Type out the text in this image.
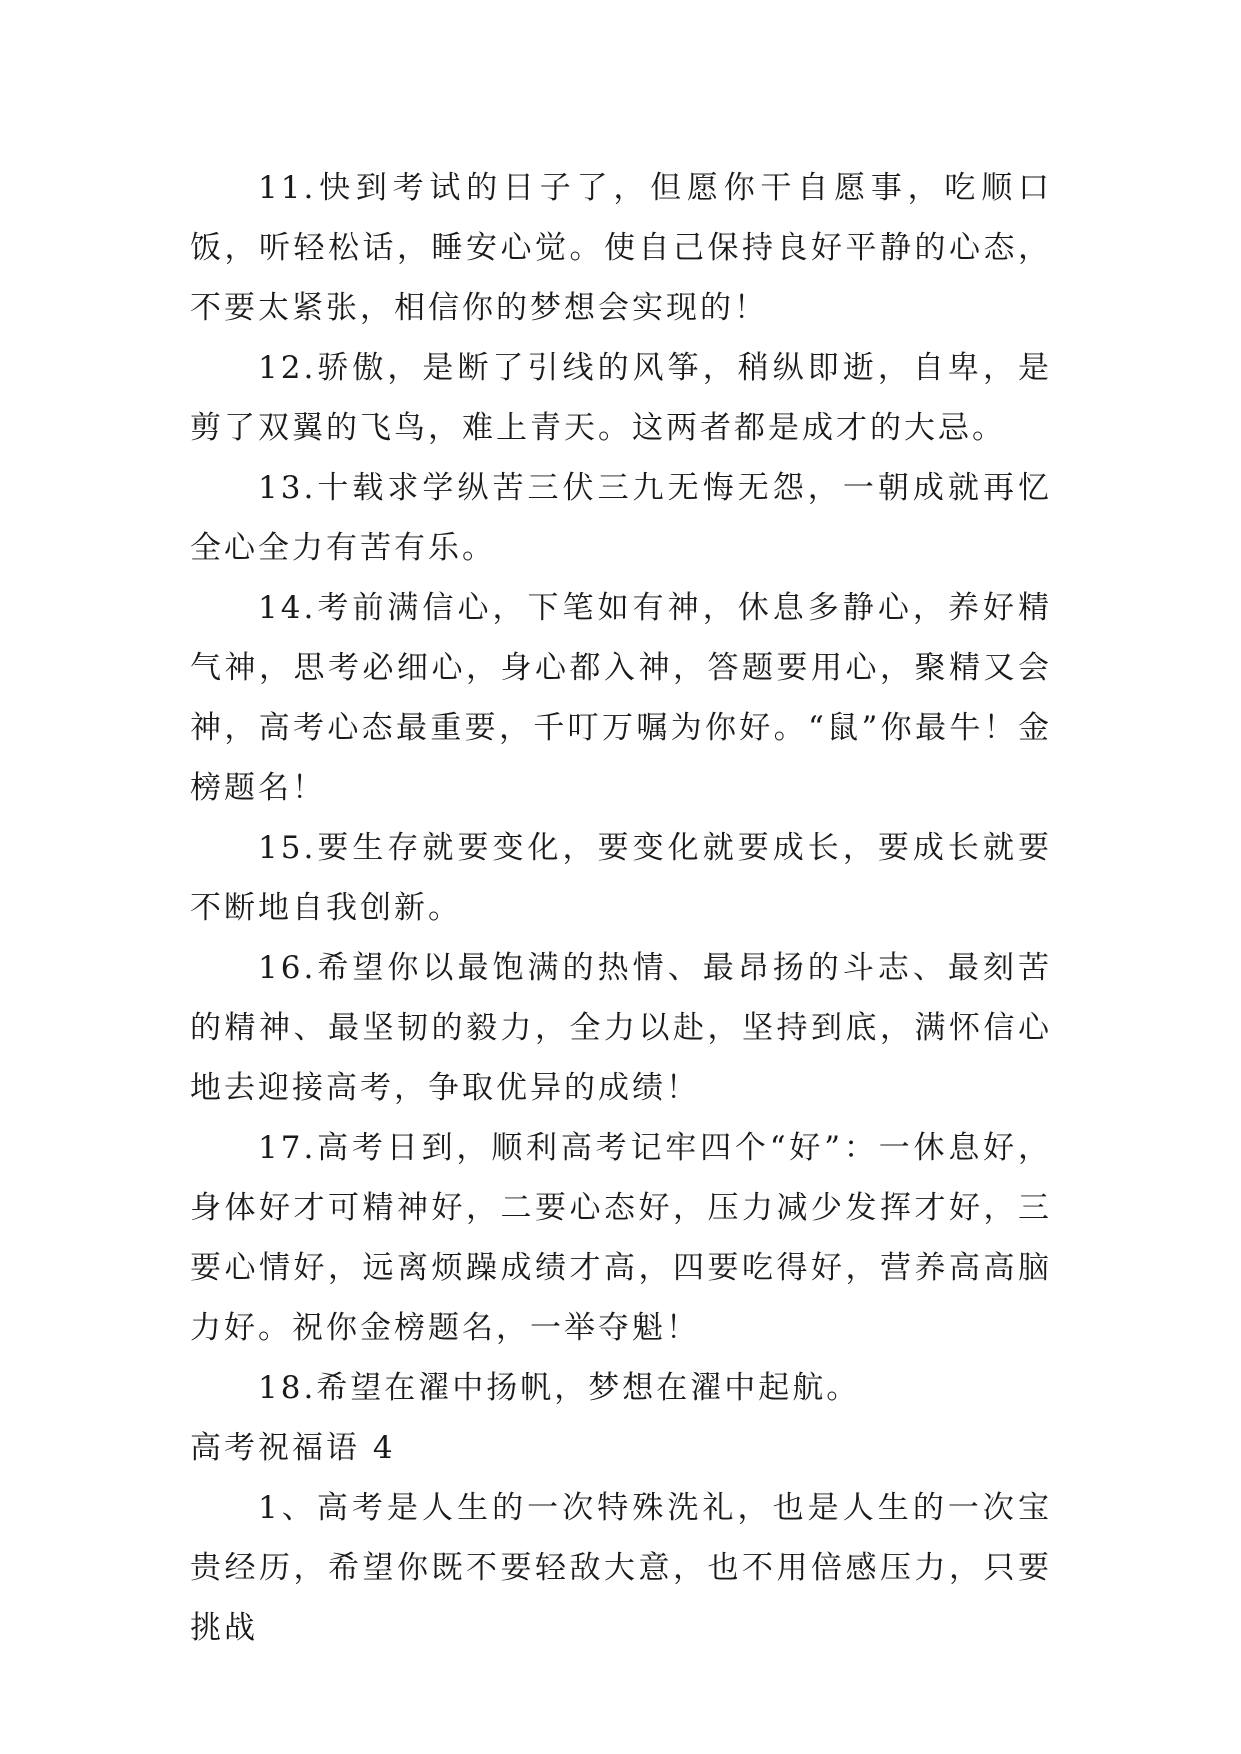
11.快到考试的日子了，但愿你干自愿事，吃顺口饭，听轻松话，睡安心觉。使自己保持良好平静的心态，不要太紧张，相信你的梦想会实现的！

12.骄傲，是断了引线的风筝，稍纵即逝，自卑，是剪了双翼的飞鸟，难上青天。这两者都是成才的大忌。

13.十载求学纵苦三伏三九无悔无怨，一朝成就再忆全心全力有苦有乐。

14.考前满信心，下笔如有神，休息多静心，养好精气神，思考必细心，身心都入神，答题要用心，聚精又会神，高考心态最重要，千叮万嘱为你好。“鼠”你最牛！金榜题名！

15.要生存就要变化，要变化就要成长，要成长就要不断地自我创新。

16.希望你以最饱满的热情、最昂扬的斗志、最刻苦的精神、最坚韧的毅力，全力以赴，坚持到底，满怀信心地去迎接高考，争取优异的成绩！

17.高考日到，顺利高考记牢四个“好”：一休息好，身体好才可精神好，二要心态好，压力减少发挥才好，三要心情好，远离烦躁成绩才高，四要吃得好，营养高高脑力好。祝你金榜题名，一举夺魁！

18.希望在濯中扬帆，梦想在濯中起航。

高考祝福语 4

1、高考是人生的一次特殊洗礼，也是人生的一次宝贵经历，希望你既不要轻敌大意，也不用倍感压力，只要挑战
